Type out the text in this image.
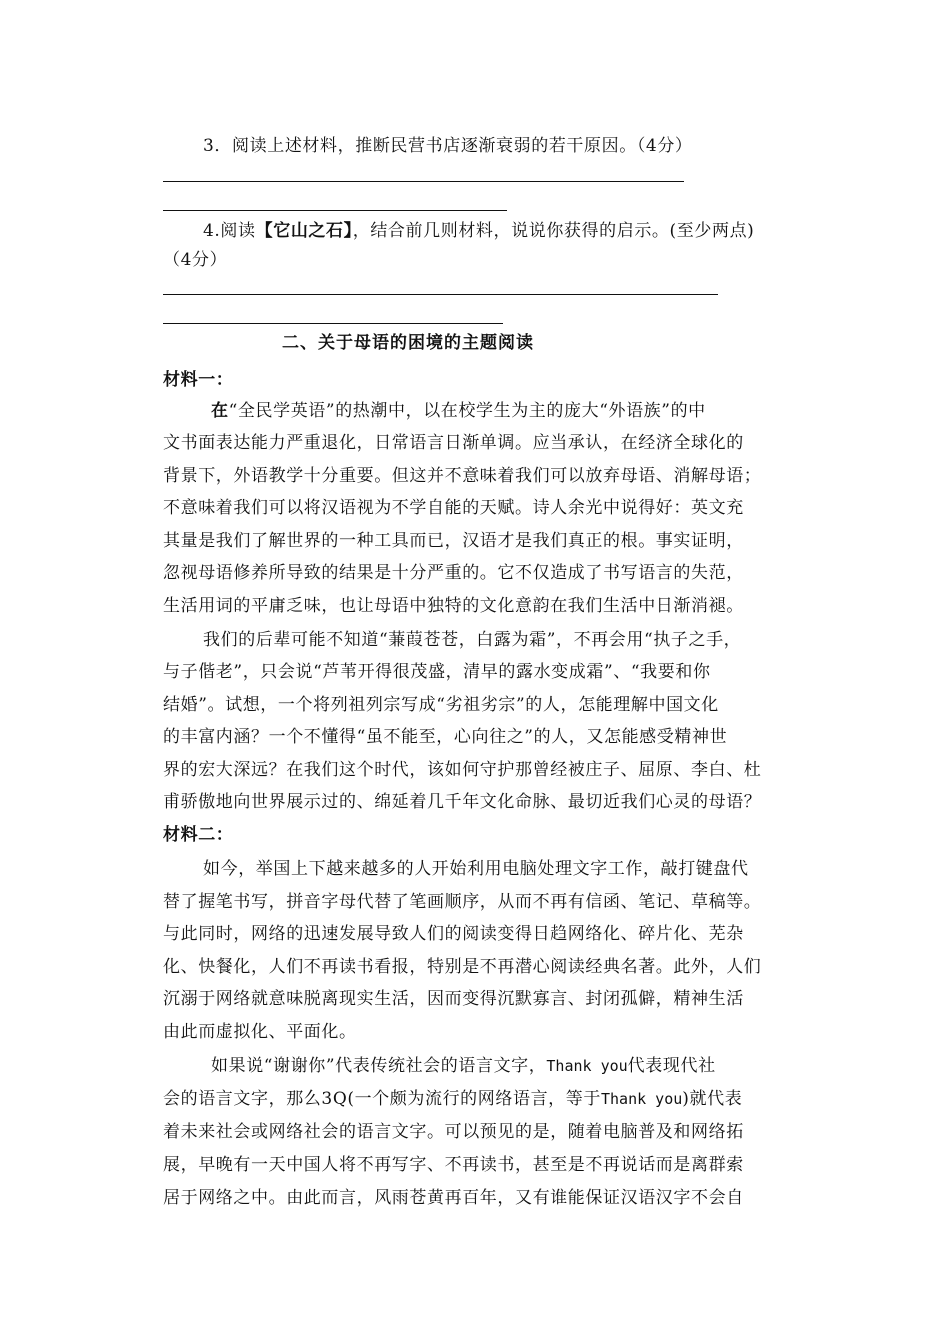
3．阅读上述材料，推断民营书店逐渐衰弱的若干原因。（4分）
4.阅读【它山之石】，结合前几则材料，说说你获得的启示。(至少两点)
（4分）
二、关于母语的困境的主题阅读
材料一：
在“全民学英语”的热潮中，以在校学生为主的庞大“外语族”的中
文书面表达能力严重退化，日常语言日渐单调。应当承认，在经济全球化的
背景下，外语教学十分重要。但这并不意味着我们可以放弃母语、消解母语；
不意味着我们可以将汉语视为不学自能的天赋。诗人余光中说得好：英文充
其量是我们了解世界的一种工具而已，汉语才是我们真正的根。事实证明，
忽视母语修养所导致的结果是十分严重的。它不仅造成了书写语言的失范，
生活用词的平庸乏味，也让母语中独特的文化意韵在我们生活中日渐消褪。
我们的后辈可能不知道“蒹葭苍苍，白露为霜”，不再会用“执子之手，
与子偕老”，只会说“芦苇开得很茂盛，清早的露水变成霜”、“我要和你
结婚”。试想，一个将列祖列宗写成“劣祖劣宗”的人，怎能理解中国文化
的丰富内涵？一个不懂得“虽不能至，心向往之”的人，又怎能感受精神世
界的宏大深远？在我们这个时代，该如何守护那曾经被庄子、屈原、李白、杜
甫骄傲地向世界展示过的、绵延着几千年文化命脉、最切近我们心灵的母语？
材料二：
如今，举国上下越来越多的人开始利用电脑处理文字工作，敲打键盘代
替了握笔书写，拼音字母代替了笔画顺序，从而不再有信函、笔记、草稿等。
与此同时，网络的迅速发展导致人们的阅读变得日趋网络化、碎片化、芜杂
化、快餐化，人们不再读书看报，特别是不再潜心阅读经典名著。此外，人们
沉溺于网络就意味脱离现实生活，因而变得沉默寡言、封闭孤僻，精神生活
由此而虚拟化、平面化。
如果说“谢谢你”代表传统社会的语言文字，Thank you代表现代社
会的语言文字，那么3Q(一个颇为流行的网络语言，等于Thank you)就代表
着未来社会或网络社会的语言文字。可以预见的是，随着电脑普及和网络拓
展，早晚有一天中国人将不再写字、不再读书，甚至是不再说话而是离群索
居于网络之中。由此而言，风雨苍黄再百年，又有谁能保证汉语汉字不会自
